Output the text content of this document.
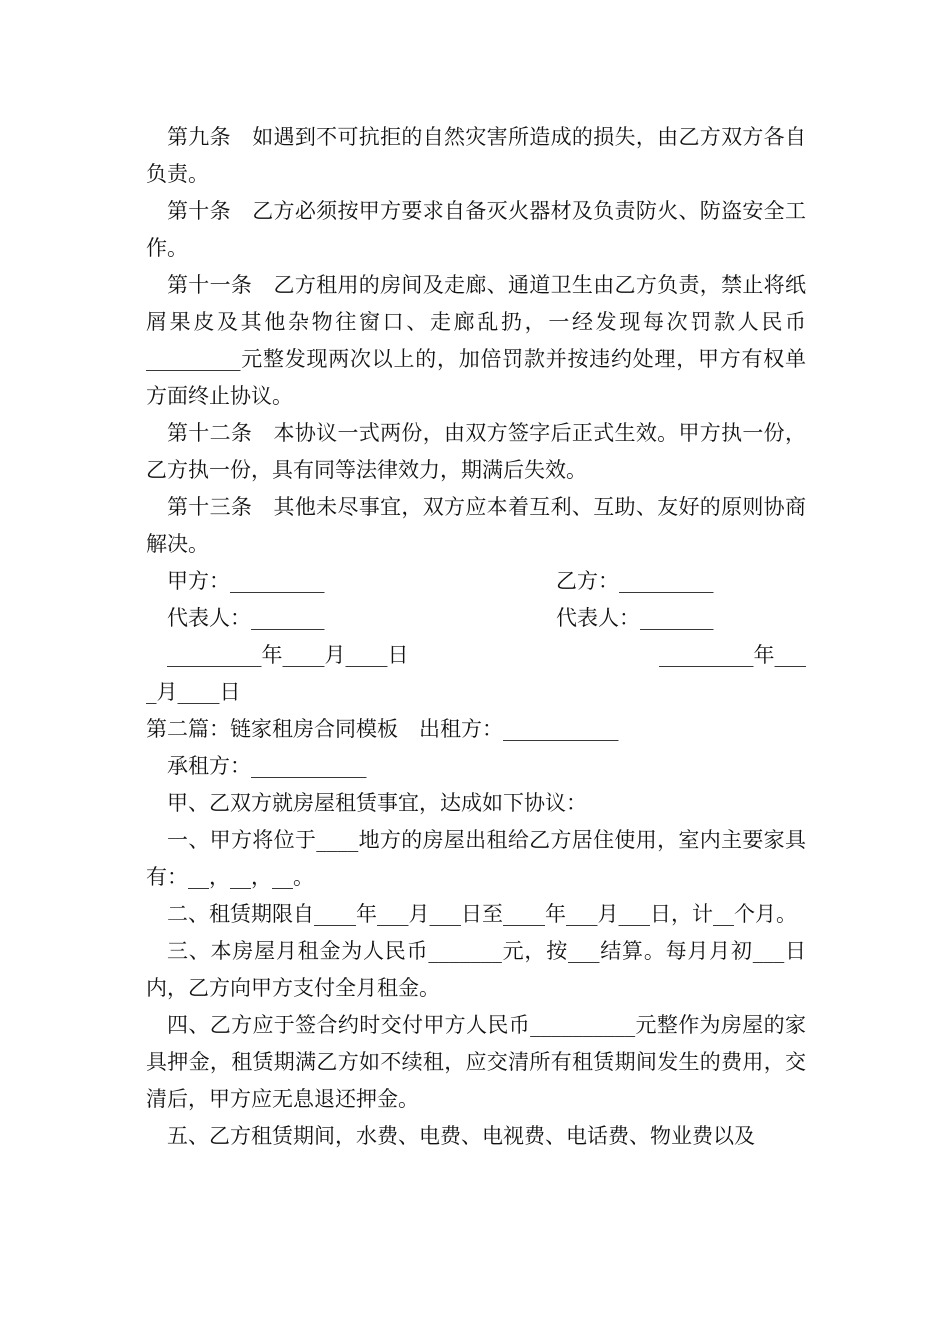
第九条　如遇到不可抗拒的自然灾害所造成的损失，由乙方双方各自负责。

第十条　乙方必须按甲方要求自备灭火器材及负责防火、防盗安全工作。

第十一条　乙方租用的房间及走廊、通道卫生由乙方负责，禁止将纸屑果皮及其他杂物往窗口、走廊乱扔，一经发现每次罚款人民币_________元整发现两次以上的，加倍罚款并按违约处理，甲方有权单方面终止协议。

第十二条　本协议一式两份，由双方签字后正式生效。甲方执一份，乙方执一份，具有同等法律效力，期满后失效。

第十三条　其他未尽事宜，双方应本着互利、互助、友好的原则协商解决。

甲方：_________	乙方：_________
代表人：_______	代表人：_______
_________年____月____日	_________年___
_月____日

第二篇：链家租房合同模板　出租方：___________

承租方：___________

甲、乙双方就房屋租赁事宜，达成如下协议：

一、甲方将位于____地方的房屋出租给乙方居住使用，室内主要家具有：__，__，__。

二、租赁期限自____年___月___日至____年___月___日，计__个月。

三、本房屋月租金为人民币_______元，按___结算。每月月初___日内，乙方向甲方支付全月租金。

四、乙方应于签合约时交付甲方人民币__________元整作为房屋的家具押金，租赁期满乙方如不续租，应交清所有租赁期间发生的费用，交清后，甲方应无息退还押金。

五、乙方租赁期间，水费、电费、电视费、电话费、物业费以及
